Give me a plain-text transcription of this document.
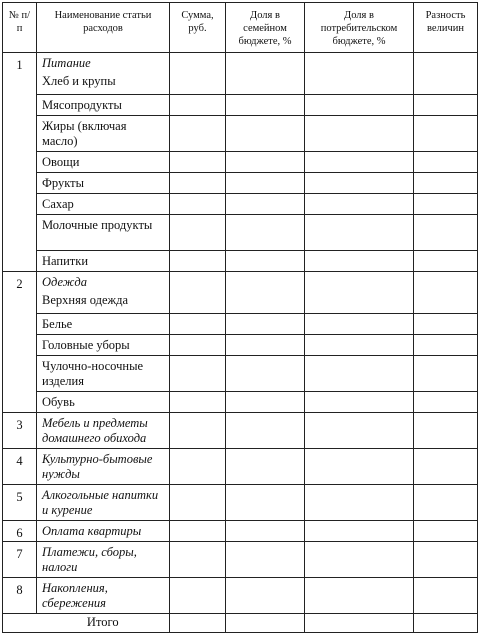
№ п/п	Наименование статьи расходов	Сумма, руб.	Доля в семейном бюджете, %	Доля в потребительском бюджете, %	Разность величин
1	Питание				
	Хлеб и крупы				
	Мясопродукты				
	Жиры (включая масло)				
	Овощи				
	Фрукты				
	Сахар				
	Молочные продукты				
	Напитки				
2	Одежда				
	Верхняя одежда				
	Белье				
	Головные уборы				
	Чулочно-носочные изделия				
	Обувь				
3	Мебель и предметы домашнего обихода				
4	Культурно-бытовые нужды				
5	Алкогольные напитки и курение				
6	Оплата квартиры				
7	Платежи, сборы, налоги				
8	Накопления, сбережения				
	Итого				
